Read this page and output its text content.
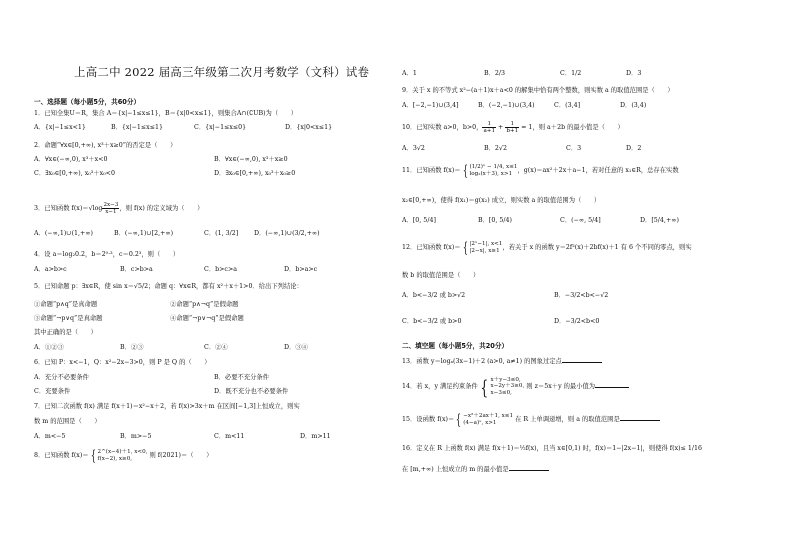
上高二中 2022 届高三年级第二次月考数学（文科）试卷
一、选择题（每小题5分，共60分）
1．已知全集U＝R，集合 A＝{x|−1≤x≤1}，B＝{x|0<x≤1}，则集合A∩(∁UB)为（　　）
A．{x|−1≤x<1}	B．{x|−1≤x≤1}	C．{x|−1≤x≤0}	D．{x|0<x≤1}
2．命题“∀x∈[0,+∞), x³＋x≥0”的否定是（　　）
A．∀x∈(−∞,0), x³＋x<0	B．∀x∈(−∞,0), x³＋x≥0
C．∃x₀∈[0,+∞), x₀³＋x₀<0	D．∃x₀∈[0,+∞), x₀³＋x₀≥0
3．已知函数 $f(x)=√\log \frac{2x-3}{x-1}$ ，则 f(x) 的定义域为（　　）
A．(−∞,1)∪(1,+∞)	B．(−∞,1)∪[2,+∞)	C．(1, 3/2]	D．(−∞,1)∪(3/2,+∞)
4．设 a＝log₂0.2，b＝2⁰·³，c＝0.2³，则（　　）
A．a>b>c	B．c>b>a	C．b>c>a	D．b>a>c
5．已知命题 p：∃x∈R，使 sin x＝√5/2；命题 q：∀x∈R，都有 x²＋x＋1>0．给出下列结论：
①命题“p∧q”是真命题	②命题“p∧¬q”是假命题
③命题“¬p∨q”是真命题	④命题“¬p∨¬q”是假命题
其中正确的是（　　）
A．①②③	B．②③	C．②④	D．③④
6．已知 P：x<−1，Q：x²−2x−3>0，则 P 是 Q 的（　　）
A．充分不必要条件	B．必要不充分条件
C．充要条件	D．既不充分也不必要条件
7．已知二次函数 f(x) 满足 f(x＋1)＝x²−x＋2，若 f(x)>3x＋m 在区间[−1,3]上恒成立，则实
数 m 的范围是（　　）
A．m<−5	B．m>−5	C．m<11	D．m>11
8．已知函数 f(x)＝ { 2^(x−4)＋1, x<0,
f(x−2), x≥0,	则 f(2021)＝（　　）
A．1	B．2/3	C．1/2	D．3
9．关于 x 的不等式 x²−(a＋1)x＋a<0 的解集中恰有两个整数，则实数 a 的取值范围是（　　）
A．[−2,−1)∪(3,4]	B．(−2,−1)∪(3,4)	C．(3,4]	D．(3,4)
10．已知实数 a>0，b>0， $\frac{1}{a+1} + \frac{1}{b+1} = 1$，则 a＋2b 的最小值是（　　）
A．3√2	B．2√2	C．3	D．2
11．已知函数 f(x)＝ { (1/2)ˣ − 1/4, x≤1
log₂(x＋3), x>1 ，g(x)＝ax²＋2x＋a−1，若对任意的 x₁∈R，总存在实数
x₂∈[0,+∞)，使得 f(x₁)＝g(x₂) 成立，则实数 a 的取值范围为（　　）
A．[0, 5/4]	B．[0, 5/4)	C．(−∞, 5/4]	D．[5/4,+∞)
12．已知函数 f(x)＝ { |2ˣ−1|, x<1
|2−x|, x≥1 ，若关于 x 的函数 y＝2f²(x)＋2bf(x)＋1 有 6 个不同的零点，则实
数 b 的取值范围是（　　）
A．b<−3/2 或 b>√2	B．−3/2<b<−√2
C．b<−3/2 或 b>0	D．−3/2<b<0
二、填空题（每小题5分，共20分）
13．函数 y＝logₐ(3x−1)＋2 (a>0, a≠1) 的图象过定点
14．若 x，y 满足约束条件 { x＋y−3≤0,
x−2y＋3≥0,
x−3≤0, 则 z＝5x＋y 的最小值为
15．设函数 f(x)＝ { −x²＋2ax＋1, x≤1
(4−a)ˣ, x>1	在 R 上单调递增，则 a 的取值范围是
16．定义在 R 上函数 f(x) 满足 f(x＋1)＝½f(x)，且当 x∈[0,1) 时，f(x)＝1−|2x−1|，则使得 f(x)≤ 1/16
在 [m,+∞) 上恒成立的 m 的最小值是
